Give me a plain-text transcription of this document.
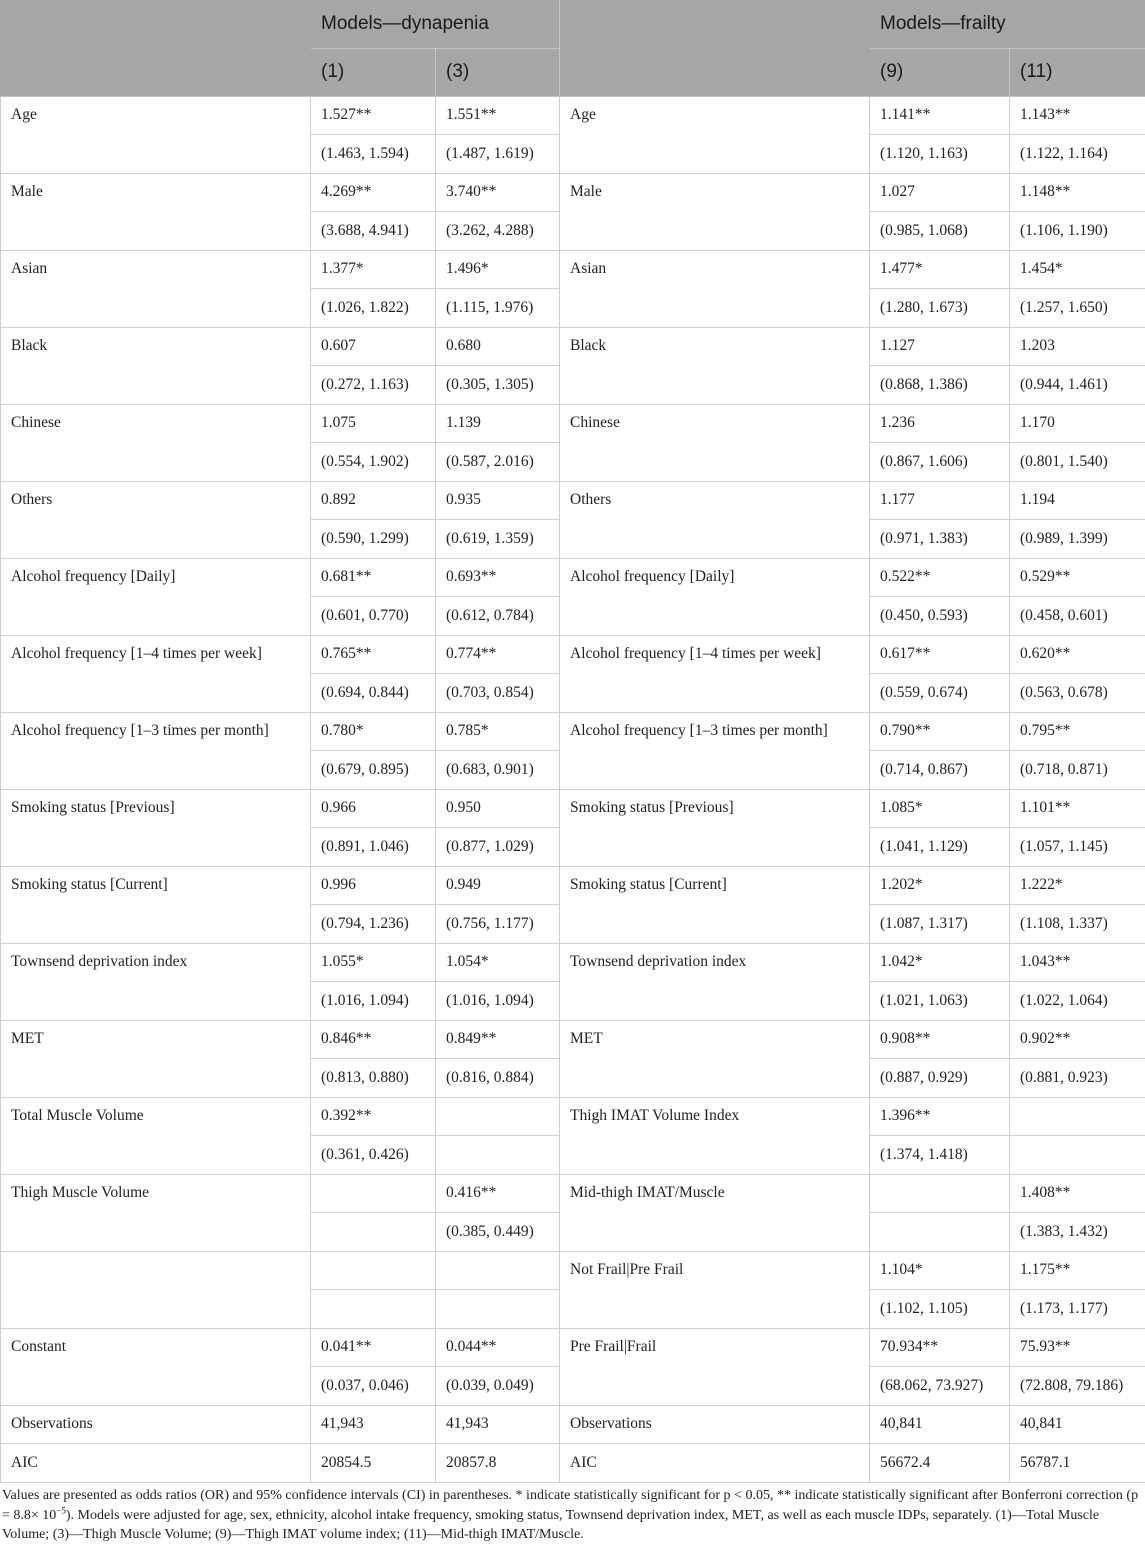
	Models—dynapenia			Models—frailty	
	(1)	(3)		(9)	(11)
Age	1.527**	1.551**	Age	1.141**	1.143**
	(1.463, 1.594)	(1.487, 1.619)		(1.120, 1.163)	(1.122, 1.164)
Male	4.269**	3.740**	Male	1.027	1.148**
	(3.688, 4.941)	(3.262, 4.288)		(0.985, 1.068)	(1.106, 1.190)
Asian	1.377*	1.496*	Asian	1.477*	1.454*
	(1.026, 1.822)	(1.115, 1.976)		(1.280, 1.673)	(1.257, 1.650)
Black	0.607	0.680	Black	1.127	1.203
	(0.272, 1.163)	(0.305, 1.305)		(0.868, 1.386)	(0.944, 1.461)
Chinese	1.075	1.139	Chinese	1.236	1.170
	(0.554, 1.902)	(0.587, 2.016)		(0.867, 1.606)	(0.801, 1.540)
Others	0.892	0.935	Others	1.177	1.194
	(0.590, 1.299)	(0.619, 1.359)		(0.971, 1.383)	(0.989, 1.399)
Alcohol frequency [Daily]	0.681**	0.693**	Alcohol frequency [Daily]	0.522**	0.529**
	(0.601, 0.770)	(0.612, 0.784)		(0.450, 0.593)	(0.458, 0.601)
Alcohol frequency [1–4 times per week]	0.765**	0.774**	Alcohol frequency [1–4 times per week]	0.617**	0.620**
	(0.694, 0.844)	(0.703, 0.854)		(0.559, 0.674)	(0.563, 0.678)
Alcohol frequency [1–3 times per month]	0.780*	0.785*	Alcohol frequency [1–3 times per month]	0.790**	0.795**
	(0.679, 0.895)	(0.683, 0.901)		(0.714, 0.867)	(0.718, 0.871)
Smoking status [Previous]	0.966	0.950	Smoking status [Previous]	1.085*	1.101**
	(0.891, 1.046)	(0.877, 1.029)		(1.041, 1.129)	(1.057, 1.145)
Smoking status [Current]	0.996	0.949	Smoking status [Current]	1.202*	1.222*
	(0.794, 1.236)	(0.756, 1.177)		(1.087, 1.317)	(1.108, 1.337)
Townsend deprivation index	1.055*	1.054*	Townsend deprivation index	1.042*	1.043**
	(1.016, 1.094)	(1.016, 1.094)		(1.021, 1.063)	(1.022, 1.064)
MET	0.846**	0.849**	MET	0.908**	0.902**
	(0.813, 0.880)	(0.816, 0.884)		(0.887, 0.929)	(0.881, 0.923)
Total Muscle Volume	0.392**		Thigh IMAT Volume Index	1.396**	
	(0.361, 0.426)			(1.374, 1.418)	
Thigh Muscle Volume		0.416**	Mid-thigh IMAT/Muscle		1.408**
		(0.385, 0.449)			(1.383, 1.432)
			Not Frail|Pre Frail	1.104*	1.175**
				(1.102, 1.105)	(1.173, 1.177)
Constant	0.041**	0.044**	Pre Frail|Frail	70.934**	75.93**
	(0.037, 0.046)	(0.039, 0.049)		(68.062, 73.927)	(72.808, 79.186)
Observations	41,943	41,943	Observations	40,841	40,841
AIC	20854.5	20857.8	AIC	56672.4	56787.1
Values are presented as odds ratios (OR) and 95% confidence intervals (CI) in parentheses. * indicate statistically significant for p < 0.05, ** indicate statistically significant after Bonferroni correction $(p = 8.8\times 10^{-5})$. Models were adjusted for age, sex, ethnicity, alcohol intake frequency, smoking status, Townsend deprivation index, MET, as well as each muscle IDPs, separately. (1)—Total Muscle Volume; (3)—Thigh Muscle Volume; (9)—Thigh IMAT volume index; (11)—Mid-thigh IMAT/Muscle.
